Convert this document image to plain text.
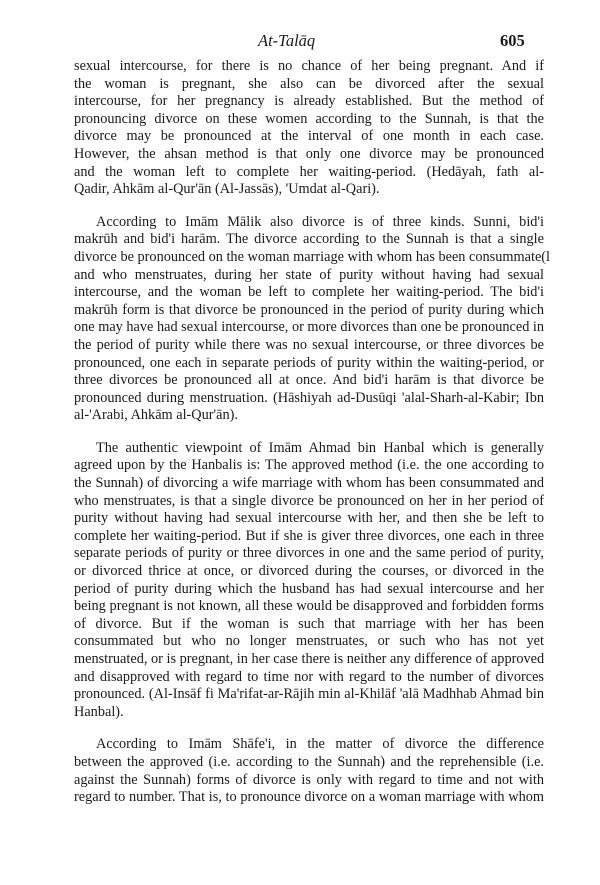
At-Talāq	605

sexual intercourse, for there is no chance of her being pregnant. And if
the woman is pregnant, she also can be divorced after the sexual
intercourse, for her pregnancy is already established. But the method of
pronouncing divorce on these women according to the Sunnah, is that the
divorce may be pronounced at the interval of one month in each case.
However, the ahsan method is that only one divorce may be pronounced
and the woman left to complete her waiting-period. (Hedāyah, fath al-
Qadir, Ahkām al-Qur'ān (Al-Jassās), 'Umdat al-Qari).

According to Imām Mālik also divorce is of three kinds. Sunni, bid'i
makrūh and bid'i harām. The divorce according to the Sunnah is that a single
divorce be pronounced on the woman marriage with whom has been consummate(l
and who menstruates, during her state of purity without having had sexual
intercourse, and the woman be left to complete her waiting-period. The bid'i
makrūh form is that divorce be pronounced in the period of purity during which
one may have had sexual intercourse, or more divorces than one be pronounced in
the period of purity while there was no sexual intercourse, or three divorces be
pronounced, one each in separate periods of purity within the waiting-period, or
three divorces be pronounced all at once. And bid'i harām is that divorce be
pronounced during menstruation. (Hāshiyah ad-Dusūqi 'alal-Sharh-al-Kabir; Ibn
al-'Arabi, Ahkām al-Qur'ān).

The authentic viewpoint of Imām Ahmad bin Hanbal which is generally
agreed upon by the Hanbalis is: The approved method (i.e. the one according to
the Sunnah) of divorcing a wife marriage with whom has been consummated and
who menstruates, is that a single divorce be pronounced on her in her period of
purity without having had sexual intercourse with her, and then she be left to
complete her waiting-period. But if she is giver three divorces, one each in three
separate periods of purity or three divorces in one and the same period of purity,
or divorced thrice at once, or divorced during the courses, or divorced in the
period of purity during which the husband has had sexual intercourse and her
being pregnant is not known, all these would be disapproved and forbidden forms
of divorce. But if the woman is such that marriage with her has been
consummated but who no longer menstruates, or such who has not yet
menstruated, or is pregnant, in her case there is neither any difference of approved
and disapproved with regard to time nor with regard to the number of divorces
pronounced. (Al-Insāf fi Ma'rifat-ar-Rājih min al-Khilāf 'alā Madhhab Ahmad bin
Hanbal).

According to Imām Shāfe'i, in the matter of divorce the difference
between the approved (i.e. according to the Sunnah) and the reprehensible (i.e.
against the Sunnah) forms of divorce is only with regard to time and not with
regard to number. That is, to pronounce divorce on a woman marriage with whom
